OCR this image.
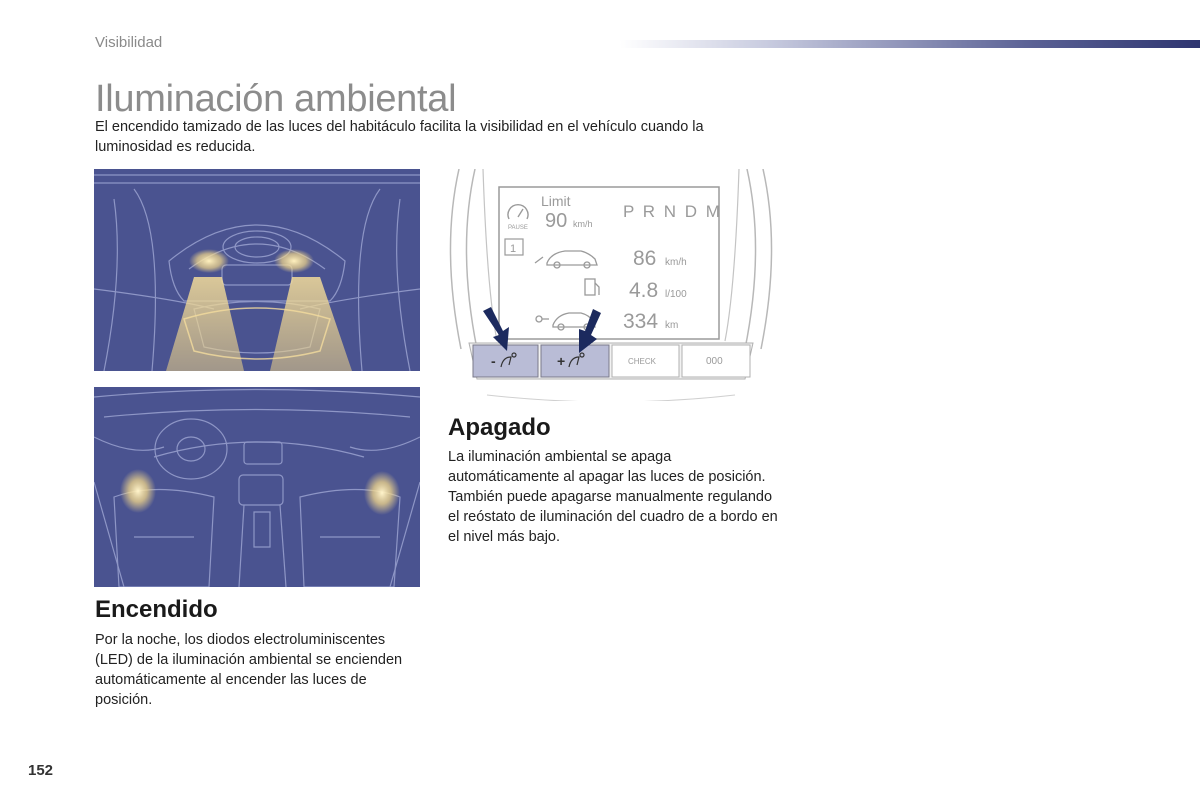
Visibilidad
Iluminación ambiental
El encendido tamizado de las luces del habitáculo facilita la visibilidad en el vehículo cuando la luminosidad es reducida.
PAUSE
Limit
90 km/h
P R N D M
1	86 km/h
4.8 l/100
334 km
-	+	CHECK	000
Apagado
La iluminación ambiental se apaga automáticamente al apagar las luces de posición.
También puede apagarse manualmente regulando el reóstato de iluminación del cuadro de a bordo en el nivel más bajo.
Encendido
Por la noche, los diodos electroluminiscentes (LED) de la iluminación ambiental se encienden automáticamente al encender las luces de posición.
152
